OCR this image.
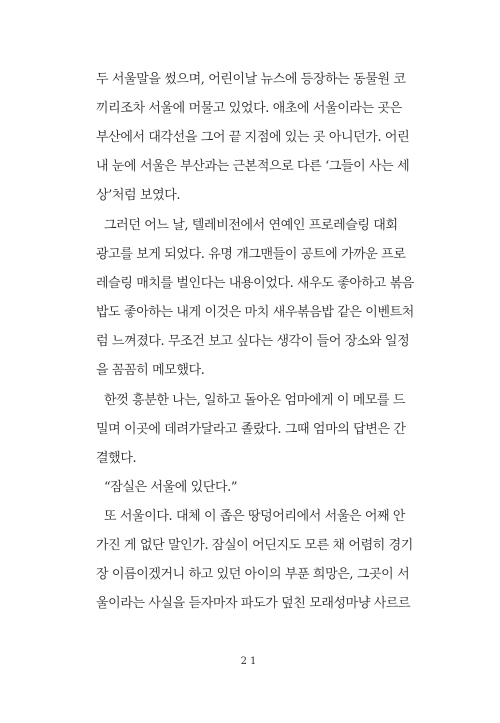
두 서울말을 썼으며, 어린이날 뉴스에 등장하는 동물원 코
끼리조차 서울에 머물고 있었다. 애초에 서울이라는 곳은
부산에서 대각선을 그어 끝 지점에 있는 곳 아니던가. 어린
내 눈에 서울은 부산과는 근본적으로 다른 ‘그들이 사는 세
상’처럼 보였다.
그러던 어느 날, 텔레비전에서 연예인 프로레슬링 대회
광고를 보게 되었다. 유명 개그맨들이 공트에 가까운 프로
레슬링 매치를 벌인다는 내용이었다. 새우도 좋아하고 볶음
밥도 좋아하는 내게 이것은 마치 새우볶음밥 같은 이벤트처
럼 느껴졌다. 무조건 보고 싶다는 생각이 들어 장소와 일정
을 꼼꼼히 메모했다.
한껏 흥분한 나는, 일하고 돌아온 엄마에게 이 메모를 드
밀며 이곳에 데려가달라고 졸랐다. 그때 엄마의 답변은 간
결했다.
“잠실은 서울에 있단다.”
또 서울이다. 대체 이 좁은 땅덩어리에서 서울은 어째 안
가진 게 없단 말인가. 잠실이 어딘지도 모른 채 어렴히 경기
장 이름이겠거니 하고 있던 아이의 부푼 희망은, 그곳이 서
울이라는 사실을 듣자마자 파도가 덮친 모래성마냥 사르르
21
